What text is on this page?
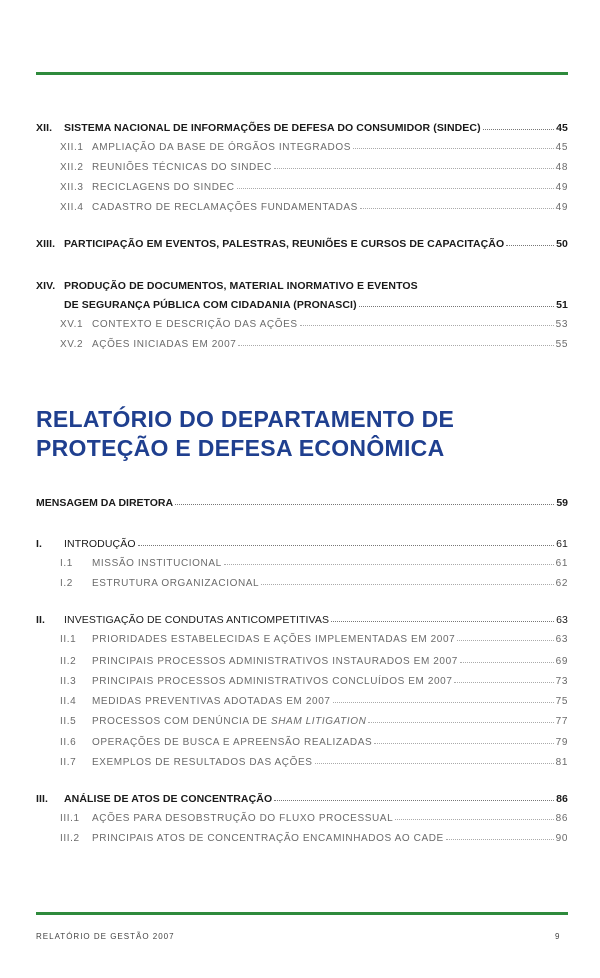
XII.	SISTEMA NACIONAL DE INFORMAÇÕES DE DEFESA DO CONSUMIDOR (SINDEC)	45
XII.1 AMPLIAÇÃO DA BASE DE ÓRGÃOS INTEGRADOS	45
XII.2 REUNIÕES TÉCNICAS DO SINDEC	48
XII.3 RECICLAGENS DO SINDEC	49
XII.4 CADASTRO DE RECLAMAÇÕES FUNDAMENTADAS	49
XIII. PARTICIPAÇÃO EM EVENTOS, PALESTRAS, REUNIÕES E CURSOS DE CAPACITAÇÃO	50
XIV. PRODUÇÃO DE DOCUMENTOS, MATERIAL INORMATIVO E EVENTOS
DE SEGURANÇA PÚBLICA COM CIDADANIA (PRONASCI)	51
XV.1 CONTEXTO E DESCRIÇÃO DAS AÇÕES	53
XV.2 AÇÕES INICIADAS EM 2007	55
RELATÓRIO DO DEPARTAMENTO DE
PROTEÇÃO E DEFESA ECONÔMICA
MENSAGEM DA DIRETORA	59
I.	INTRODUÇÃO	61
I.1	MISSÃO INSTITUCIONAL	61
I.2	ESTRUTURA ORGANIZACIONAL	62
II.	INVESTIGAÇÃO DE CONDUTAS ANTICOMPETITIVAS	63
II.1	PRIORIDADES ESTABELECIDAS E AÇÕES IMPLEMENTADAS EM 2007	63
II.2	PRINCIPAIS PROCESSOS ADMINISTRATIVOS INSTAURADOS EM 2007	69
II.3	PRINCIPAIS PROCESSOS ADMINISTRATIVOS CONCLUÍDOS EM 2007	73
II.4	MEDIDAS PREVENTIVAS ADOTADAS EM 2007	75
II.5	PROCESSOS COM DENÚNCIA DE SHAM LITIGATION	77
II.6	OPERAÇÕES DE BUSCA E APREENSÃO REALIZADAS	79
II.7	EXEMPLOS DE RESULTADOS DAS AÇÕES	81
III.	ANÁLISE DE ATOS DE CONCENTRAÇÃO	86
III.1	AÇÕES PARA DESOBSTRUÇÃO DO FLUXO PROCESSUAL	86
III.2	PRINCIPAIS ATOS DE CONCENTRAÇÃO ENCAMINHADOS AO CADE	90
RELATÓRIO DE GESTÃO 2007	9
